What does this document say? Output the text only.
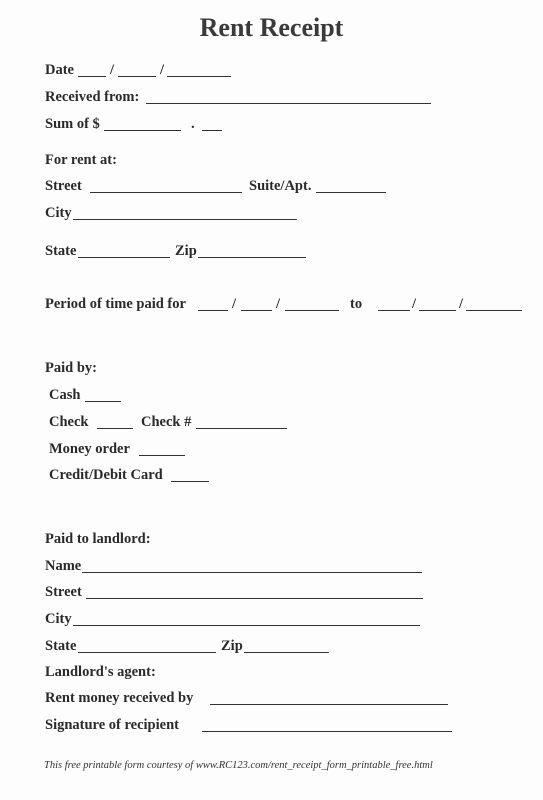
Rent Receipt
Date /	/
Received from:
Sum of $	.
For rent at:
Street	Suite/Apt.
City
State	Zip
Period of time paid for	/	/	to	/	/
Paid by:
Cash
Check	Check #
Money order
Credit/Debit Card
Paid to landlord:
Name
Street
City
State	Zip
Landlord's agent:
Rent money received by
Signature of recipient
This free printable form courtesy of www.RC123.com/rent_receipt_form_printable_free.html
